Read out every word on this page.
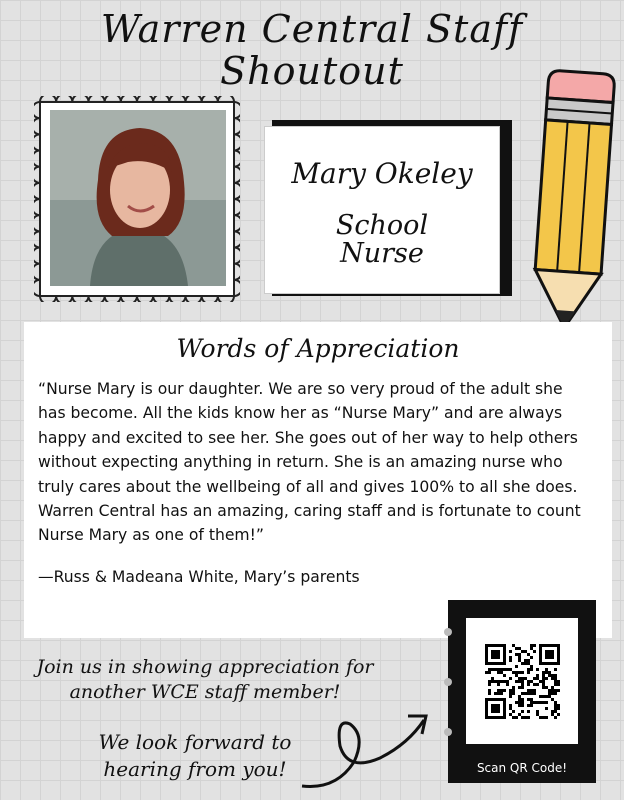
Warren Central Staff
Shoutout
Mary Okeley
School
Nurse
Words of Appreciation
“Nurse Mary is our daughter. We are so very proud of the adult she has become. All the kids know her as “Nurse Mary” and are always happy and excited to see her. She goes out of her way to help others without expecting anything in return. She is an amazing nurse who truly cares about the wellbeing of all and gives 100% to all she does. Warren Central has an amazing, caring staff and is fortunate to count Nurse Mary as one of them!”
—Russ & Madeana White, Mary’s parents
Join us in showing appreciation for
another WCE staff member!
We look forward to
hearing from you!	Scan QR Code!
